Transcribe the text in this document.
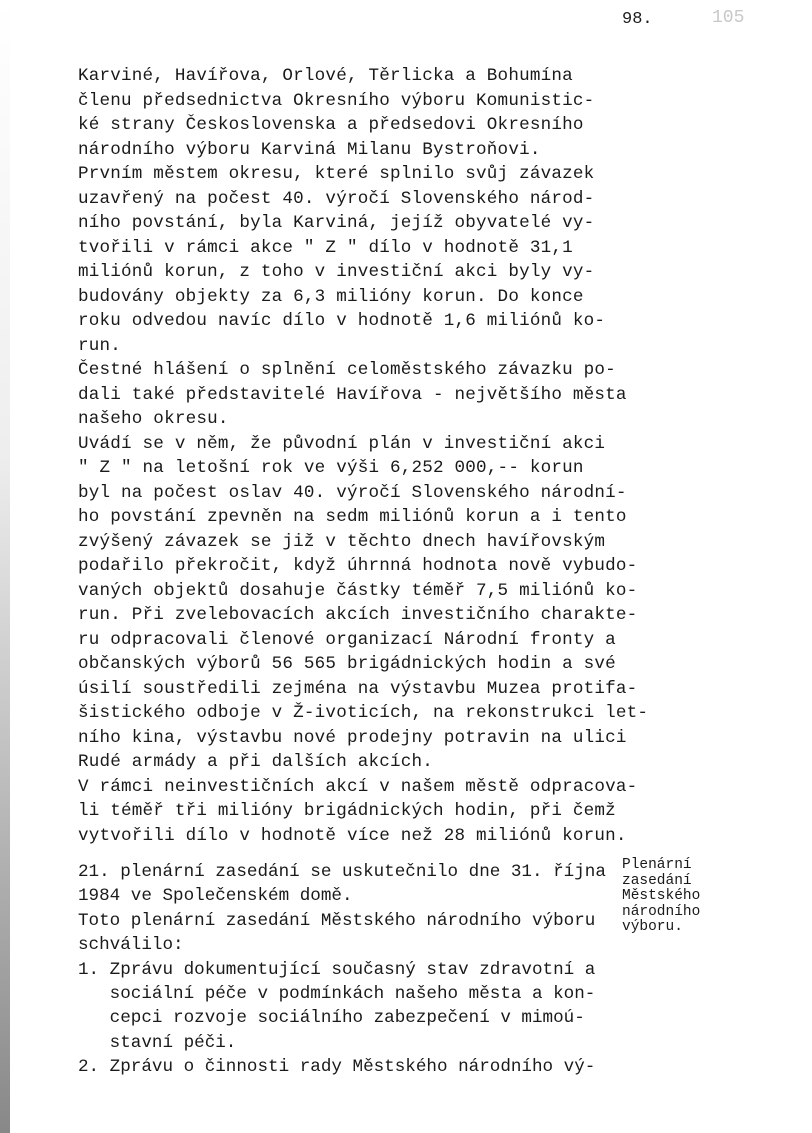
98.	105
Karviné, Havířova, Orlové, Těrlicka a Bohumína
členu předsednictva Okresního výboru Komunistic-
ké strany Československa a předsedovi Okresního
národního výboru Karviná Milanu Bystroňovi.
Prvním městem okresu, které splnilo svůj závazek
uzavřený na počest 40. výročí Slovenského národ-
ního povstání, byla Karviná, jejíž obyvatelé vy-
tvořili v rámci akce " Z " dílo v hodnotě 31,1
miliónů korun, z toho v investiční akci byly vy-
budovány objekty za 6,3 milióny korun. Do konce
roku odvedou navíc dílo v hodnotě 1,6 miliónů ko-
run.
Čestné hlášení o splnění celoměstského závazku po-
dali také představitelé Havířova - největšího města
našeho okresu.
Uvádí se v něm, že původní plán v investiční akci
" Z " na letošní rok ve výši 6,252 000,-- korun
byl na počest oslav 40. výročí Slovenského národní-
ho povstání zpevněn na sedm miliónů korun a i tento
zvýšený závazek se již v těchto dnech havířovským
podařilo překročit, když úhrnná hodnota nově vybudo-
vaných objektů dosahuje částky téměř 7,5 miliónů ko-
run. Při zvelebovacích akcích investičního charakte-
ru odpracovali členové organizací Národní fronty a
občanských výborů 56 565 brigádnických hodin a své
úsilí soustředili zejména na výstavbu Muzea protifa-
šistického odboje v Ž-ivoticích, na rekonstrukci let-
ního kina, výstavbu nové prodejny potravin na ulici
Rudé armády a při dalších akcích.
V rámci neinvestičních akcí v našem městě odpracova-
li téměř tři milióny brigádnických hodin, při čemž
vytvořili dílo v hodnotě více než 28 miliónů korun.
21. plenární zasedání se uskutečnilo dne 31. října
1984 ve Společenském domě.
Toto plenární zasedání Městského národního výboru
schválilo:
1. Zprávu dokumentující současný stav zdravotní a
sociální péče v podmínkách našeho města a kon-
cepci rozvoje sociálního zabezpečení v mimoú-
stavní péči.
2. Zprávu o činnosti rady Městského národního vý-
Plenární
zasedání
Městského
národního
výboru.
